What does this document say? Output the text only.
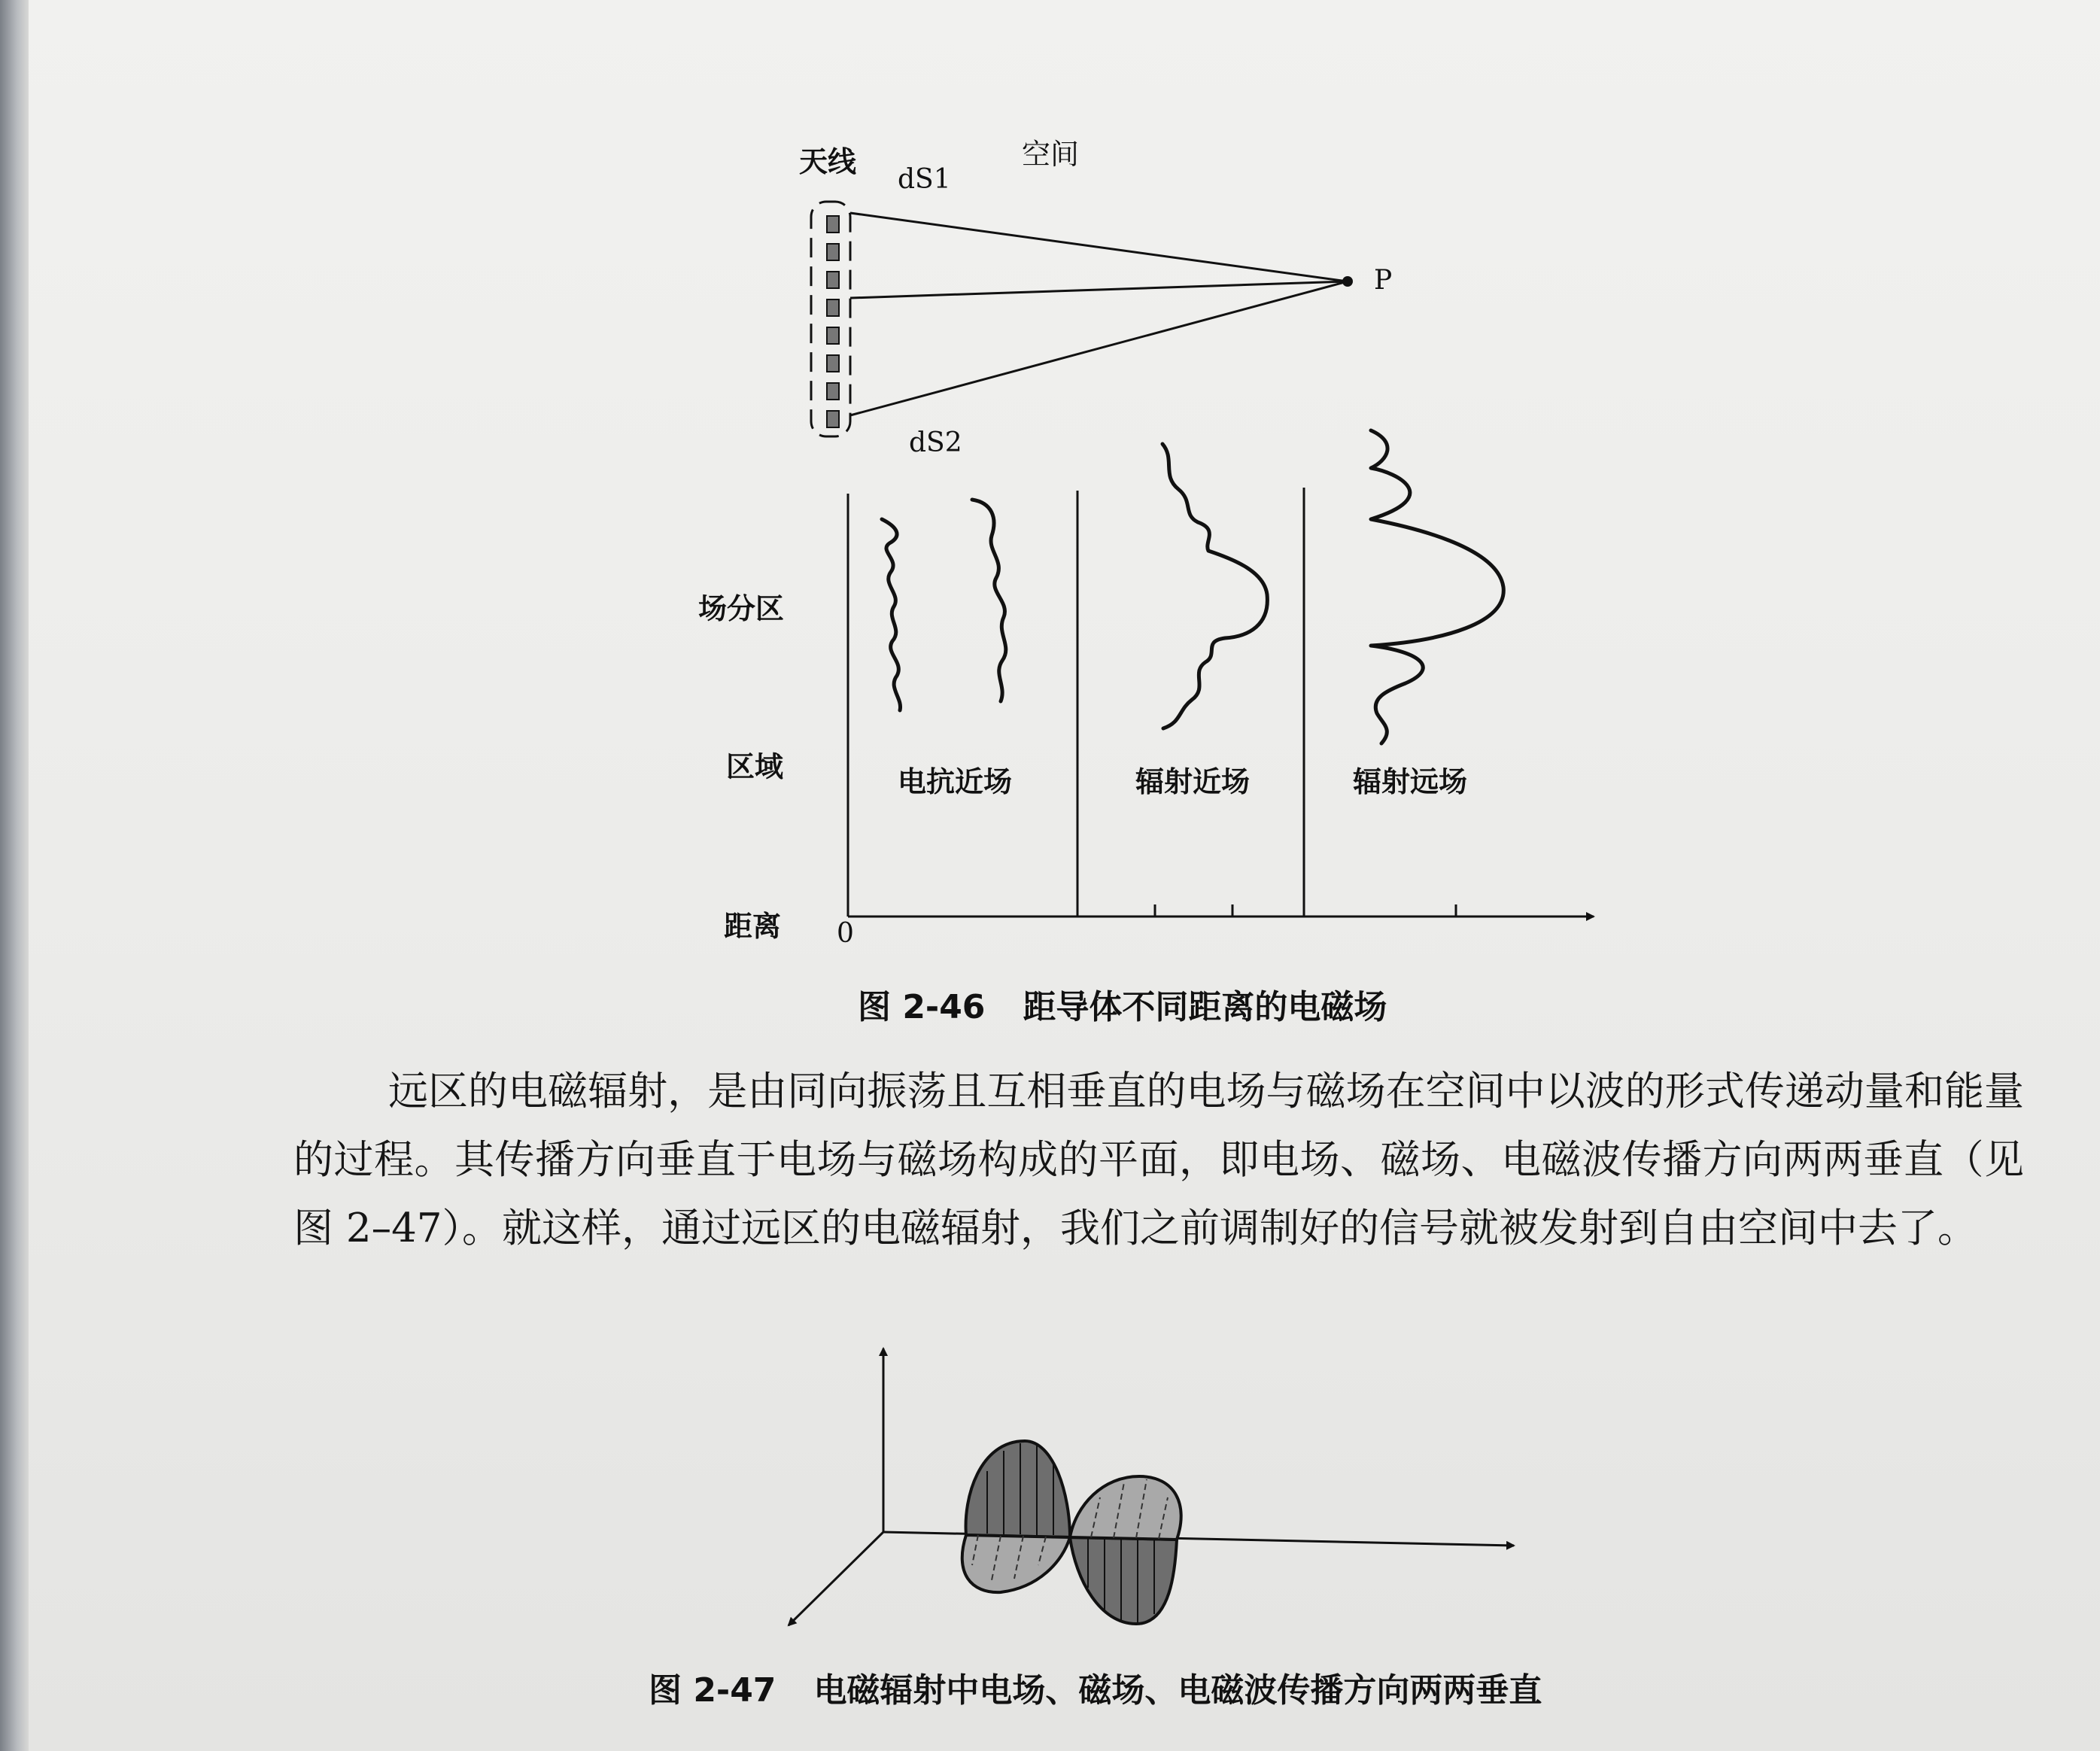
天线
dS1
空间
P
dS2
场分区
区域
距离 0
电抗近场	辐射近场	辐射远场
图 2-46 距导体不同距离的电磁场

远区的电磁辐射，是由同向振荡且互相垂直的电场与磁场在空间中以波的形式传递动量和能量的过程。其传播方向垂直于电场与磁场构成的平面，即电场、磁场、电磁波传播方向两两垂直（见图 2–47）。就这样，通过远区的电磁辐射，我们之前调制好的信号就被发射到自由空间中去了。

图 2-47 电磁辐射中电场、磁场、电磁波传播方向两两垂直
